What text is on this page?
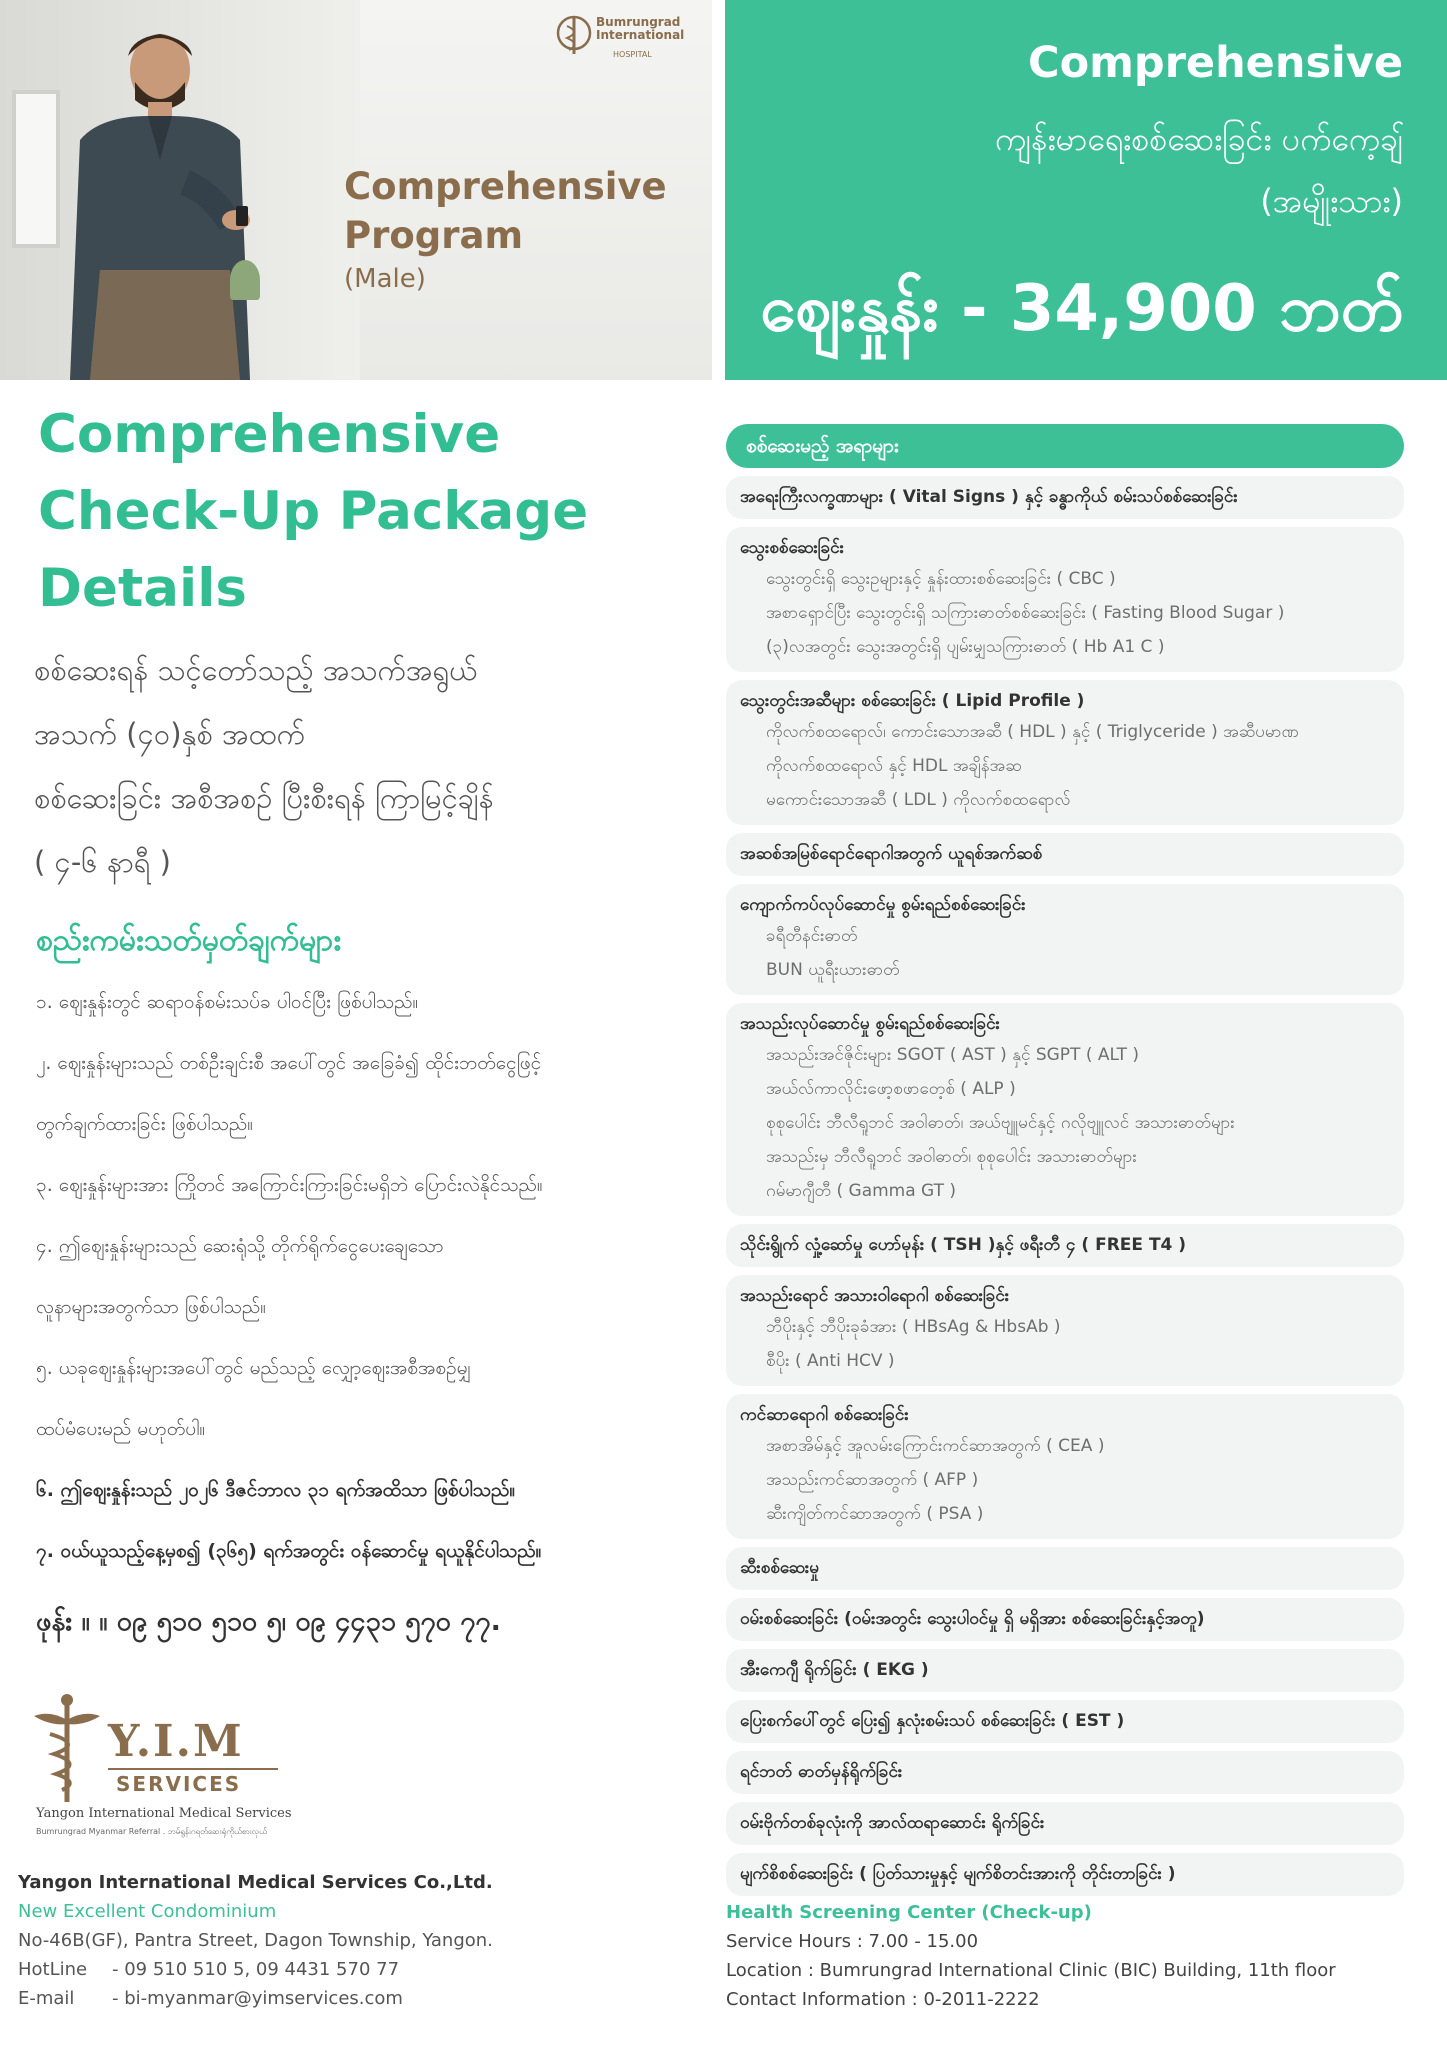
Bumrungrad
International
HOSPITAL
Comprehensive
Program
(Male)
Comprehensive
ကျန်းမာရေးစစ်ဆေးခြင်း ပက်ကေ့ချ်
(အမျိုးသား)
ဈေးနှုန်း - 34,900 ဘတ်
Comprehensive
Check-Up Package
Details
စစ်ဆေးရန် သင့်တော်သည့် အသက်အရွယ်
အသက် (၄၀)နှစ် အထက်
စစ်ဆေးခြင်း အစီအစဉ် ပြီးစီးရန် ကြာမြင့်ချိန်
( ၄-၆ နာရီ )
စည်းကမ်းသတ်မှတ်ချက်များ
၁. ဈေးနှုန်းတွင် ဆရာဝန်စမ်းသပ်ခ ပါဝင်ပြီး ဖြစ်ပါသည်။
၂. ဈေးနှုန်းများသည် တစ်ဦးချင်းစီ အပေါ်တွင် အခြေခံ၍ ထိုင်းဘတ်ငွေဖြင့်
တွက်ချက်ထားခြင်း ဖြစ်ပါသည်။
၃. ဈေးနှုန်းများအား ကြိုတင် အကြောင်းကြားခြင်းမရှိဘဲ ပြောင်းလဲနိုင်သည်။
၄. ဤဈေးနှုန်းများသည် ဆေးရုံသို့ တိုက်ရိုက်ငွေပေးချေသော
လူနာများအတွက်သာ ဖြစ်ပါသည်။
၅. ယခုဈေးနှုန်းများအပေါ်တွင် မည်သည့် လျှော့ဈေးအစီအစဉ်မျှ
ထပ်မံပေးမည် မဟုတ်ပါ။
၆. ဤဈေးနှုန်းသည် ၂၀၂၆ ဒီဇင်ဘာလ ၃၁ ရက်အထိသာ ဖြစ်ပါသည်။
၇. ဝယ်ယူသည့်နေ့မှစ၍ (၃၆၅) ရက်အတွင်း ဝန်ဆောင်မှု ရယူနိုင်ပါသည်။
ဖုန်း ။ ။ ၀၉ ၅၁၀ ၅၁၀ ၅၊ ၀၉ ၄၄၃၁ ၅၇၀ ၇၇.
Y.I.M
SERVICES
Yangon International Medical Services
Bumrungrad Myanmar Referral . ဘမ်ရွန်းဂရတ်ဆေးရုံကိုယ်စားလှယ်
Yangon International Medical Services Co.,Ltd.
New Excellent Condominium
No-46B(GF), Pantra Street, Dagon Township, Yangon.
HotLine - 09 510 510 5, 09 4431 570 77
E-mail - bi-myanmar@yimservices.com
စစ်ဆေးမည့် အရာများ
အရေးကြီးလက္ခဏာများ ( Vital Signs ) နှင့် ခန္ဓာကိုယ် စမ်းသပ်စစ်ဆေးခြင်း
သွေးစစ်ဆေးခြင်း
သွေးတွင်းရှိ သွေးဥများနှင့် နှုန်းထားစစ်ဆေးခြင်း ( CBC )
အစာရှောင်ပြီး သွေးတွင်းရှိ သကြားဓာတ်စစ်ဆေးခြင်း ( Fasting Blood Sugar )
(၃)လအတွင်း သွေးအတွင်းရှိ ပျမ်းမျှသကြားဓာတ် ( Hb A1 C )
သွေးတွင်းအဆီများ စစ်ဆေးခြင်း ( Lipid Profile )
ကိုလက်စထရောလ်၊ ကောင်းသောအဆီ ( HDL ) နှင့် ( Triglyceride ) အဆီပမာဏ
ကိုလက်စထရောလ် နှင့် HDL အချိန်အဆ
မကောင်းသောအဆီ ( LDL ) ကိုလက်စထရောလ်
အဆစ်အမြစ်ရောင်ရောဂါအတွက် ယူရစ်အက်ဆစ်
ကျောက်ကပ်လုပ်ဆောင်မှု စွမ်းရည်စစ်ဆေးခြင်း
ခရီတီနင်းဓာတ်
BUN ယူရီးယားဓာတ်
အသည်းလုပ်ဆောင်မှု စွမ်းရည်စစ်ဆေးခြင်း
အသည်းအင်ဇိုင်းများ SGOT ( AST ) နှင့် SGPT ( ALT )
အယ်လ်ကာလိုင်းဖော့စဖာတေ့စ် ( ALP )
စုစုပေါင်း ဘီလီရူဘင် အဝါဓာတ်၊ အယ်ဗျူမင်နှင့် ဂလိုဗျူလင် အသားဓာတ်များ
အသည်းမှ ဘီလီရူဘင် အဝါဓာတ်၊ စုစုပေါင်း အသားဓာတ်များ
ဂမ်မာဂျီတီ ( Gamma GT )
သိုင်းရွိုက် လှုံ့ဆော်မှု ဟော်မုန်း ( TSH )နှင့် ဖရီးတီ ၄ ( FREE T4 )
အသည်းရောင် အသားဝါရောဂါ စစ်ဆေးခြင်း
ဘီပိုးနှင့် ဘီပိုးခုခံအား ( HBsAg & HbsAb )
စီပိုး ( Anti HCV )
ကင်ဆာရောဂါ စစ်ဆေးခြင်း
အစာအိမ်နှင့် အူလမ်းကြောင်းကင်ဆာအတွက် ( CEA )
အသည်းကင်ဆာအတွက် ( AFP )
ဆီးကျိတ်ကင်ဆာအတွက် ( PSA )
ဆီးစစ်ဆေးမှု
ဝမ်းစစ်ဆေးခြင်း (ဝမ်းအတွင်း သွေးပါဝင်မှု ရှိ မရှိအား စစ်ဆေးခြင်းနှင့်အတူ)
အီးကေဂျီ ရိုက်ခြင်း ( EKG )
ပြေးစက်ပေါ်တွင် ပြေး၍ နှလုံးစမ်းသပ် စစ်ဆေးခြင်း ( EST )
ရင်ဘတ် ဓာတ်မှန်ရိုက်ခြင်း
ဝမ်းဗိုက်တစ်ခုလုံးကို အာလ်ထရာဆောင်း ရိုက်ခြင်း
မျက်စိစစ်ဆေးခြင်း ( ပြတ်သားမှုနှင့် မျက်စိတင်းအားကို တိုင်းတာခြင်း )
Health Screening Center (Check-up)
Service Hours : 7.00 - 15.00
Location : Bumrungrad International Clinic (BIC) Building, 11th floor
Contact Information : 0-2011-2222
